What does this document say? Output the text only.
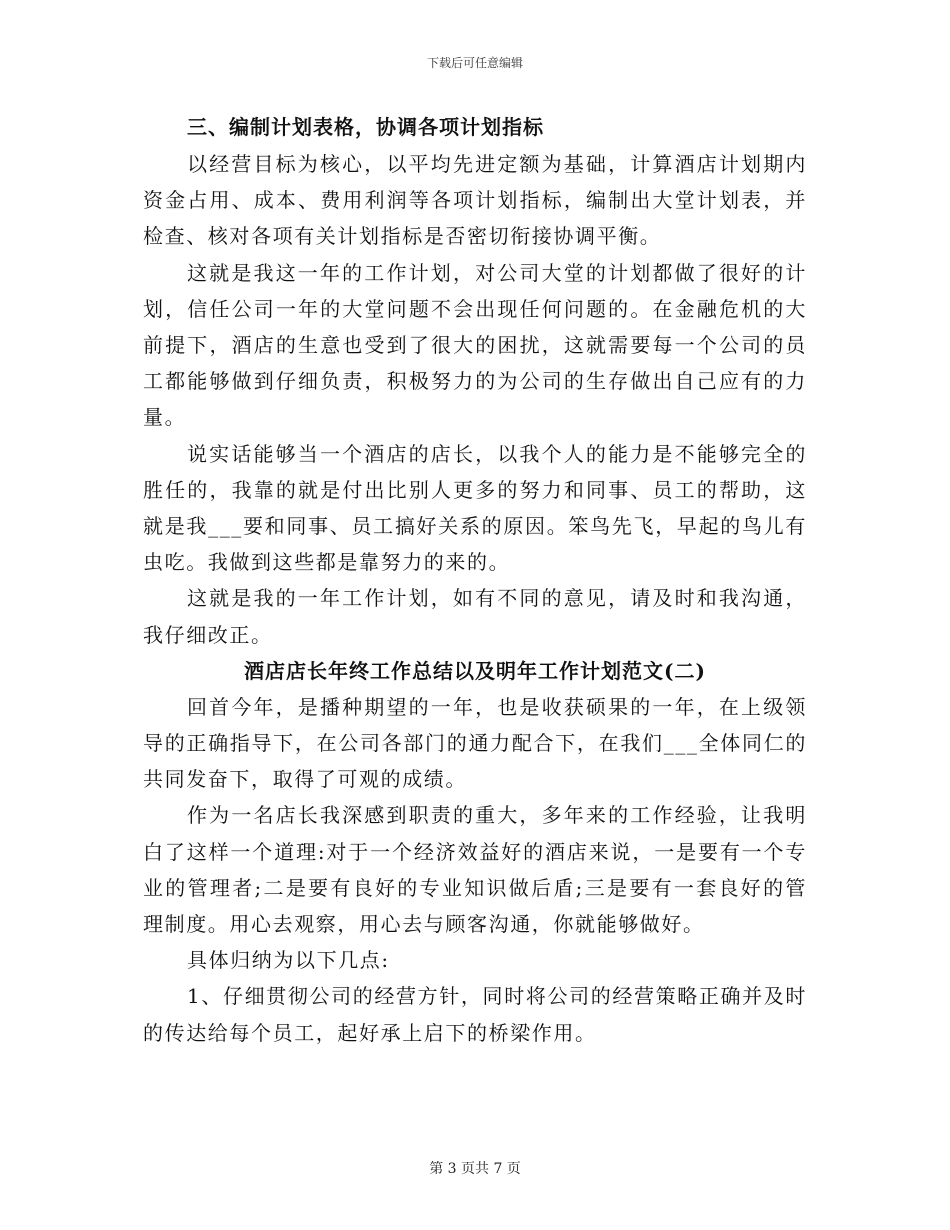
下载后可任意编辑

三、编制计划表格，协调各项计划指标

以经营目标为核心，以平均先进定额为基础，计算酒店计划期内资金占用、成本、费用利润等各项计划指标，编制出大堂计划表，并检查、核对各项有关计划指标是否密切衔接协调平衡。

这就是我这一年的工作计划，对公司大堂的计划都做了很好的计划，信任公司一年的大堂问题不会出现任何问题的。在金融危机的大前提下，酒店的生意也受到了很大的困扰，这就需要每一个公司的员工都能够做到仔细负责，积极努力的为公司的生存做出自己应有的力量。

说实话能够当一个酒店的店长，以我个人的能力是不能够完全的胜任的，我靠的就是付出比别人更多的努力和同事、员工的帮助，这就是我___要和同事、员工搞好关系的原因。笨鸟先飞，早起的鸟儿有虫吃。我做到这些都是靠努力的来的。

这就是我的一年工作计划，如有不同的意见，请及时和我沟通，我仔细改正。

酒店店长年终工作总结以及明年工作计划范文(二)

回首今年，是播种期望的一年，也是收获硕果的一年，在上级领导的正确指导下，在公司各部门的通力配合下，在我们___全体同仁的共同发奋下，取得了可观的成绩。

作为一名店长我深感到职责的重大，多年来的工作经验，让我明白了这样一个道理:对于一个经济效益好的酒店来说，一是要有一个专业的管理者;二是要有良好的专业知识做后盾;三是要有一套良好的管理制度。用心去观察，用心去与顾客沟通，你就能够做好。

具体归纳为以下几点:

1、仔细贯彻公司的经营方针，同时将公司的经营策略正确并及时的传达给每个员工，起好承上启下的桥梁作用。

第 3 页共 7 页
